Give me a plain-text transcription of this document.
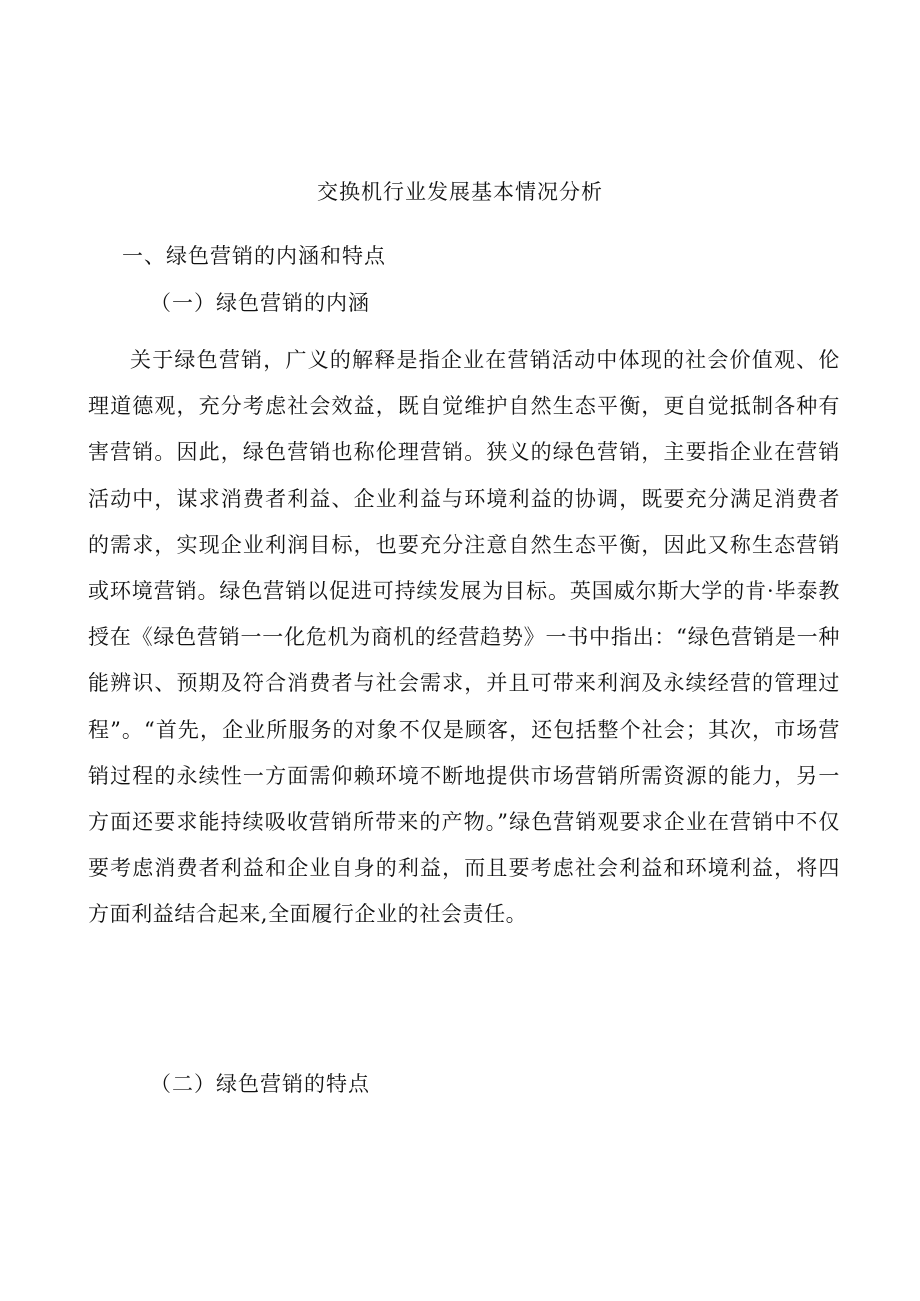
交换机行业发展基本情况分析
一、绿色营销的内涵和特点
（一）绿色营销的内涵

关于绿色营销，广义的解释是指企业在营销活动中体现的社会价值观、伦理道德观，充分考虑社会效益，既自觉维护自然生态平衡，更自觉抵制各种有害营销。因此，绿色营销也称伦理营销。狭义的绿色营销，主要指企业在营销活动中，谋求消费者利益、企业利益与环境利益的协调，既要充分满足消费者的需求，实现企业利润目标，也要充分注意自然生态平衡，因此又称生态营销或环境营销。绿色营销以促进可持续发展为目标。英国威尔斯大学的肯·毕泰教授在《绿色营销一一化危机为商机的经营趋势》一书中指出：“绿色营销是一种能辨识、预期及符合消费者与社会需求，并且可带来利润及永续经营的管理过程”。“首先，企业所服务的对象不仅是顾客，还包括整个社会；其次，市场营销过程的永续性一方面需仰赖环境不断地提供市场营销所需资源的能力，另一方面还要求能持续吸收营销所带来的产物。”绿色营销观要求企业在营销中不仅要考虑消费者利益和企业自身的利益，而且要考虑社会利益和环境利益，将四方面利益结合起来,全面履行企业的社会责任。

（二）绿色营销的特点
